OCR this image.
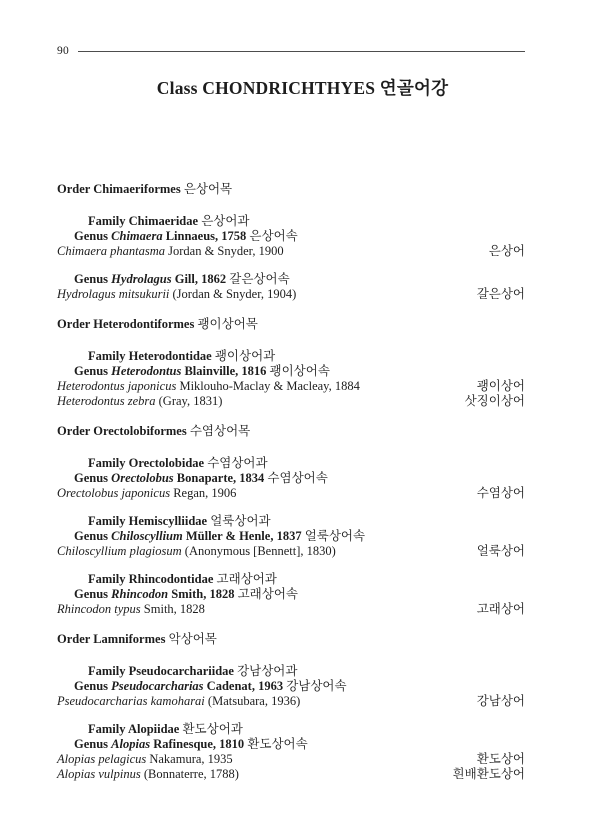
90
Class CHONDRICHTHYES 연골어강
Order Chimaeriformes 은상어목
Family Chimaeridae 은상어과
Genus Chimaera Linnaeus, 1758 은상어속
Chimaera phantasma Jordan & Snyder, 1900	은상어
Genus Hydrolagus Gill, 1862 갈은상어속
Hydrolagus mitsukurii (Jordan & Snyder, 1904)	갈은상어
Order Heterodontiformes 괭이상어목
Family Heterodontidae 괭이상어과
Genus Heterodontus Blainville, 1816 괭이상어속
Heterodontus japonicus Miklouho-Maclay & Macleay, 1884	괭이상어
Heterodontus zebra (Gray, 1831)	삿징이상어
Order Orectolobiformes 수염상어목
Family Orectolobidae 수염상어과
Genus Orectolobus Bonaparte, 1834 수염상어속
Orectolobus japonicus Regan, 1906	수염상어
Family Hemiscylliidae 얼룩상어과
Genus Chiloscyllium Müller & Henle, 1837 얼룩상어속
Chiloscyllium plagiosum (Anonymous [Bennett], 1830)	얼룩상어
Family Rhincodontidae 고래상어과
Genus Rhincodon Smith, 1828 고래상어속
Rhincodon typus Smith, 1828	고래상어
Order Lamniformes 악상어목
Family Pseudocarchariidae 강남상어과
Genus Pseudocarcharias Cadenat, 1963 강남상어속
Pseudocarcharias kamoharai (Matsubara, 1936)	강남상어
Family Alopiidae 환도상어과
Genus Alopias Rafinesque, 1810 환도상어속
Alopias pelagicus Nakamura, 1935	환도상어
Alopias vulpinus (Bonnaterre, 1788)	흰배환도상어
